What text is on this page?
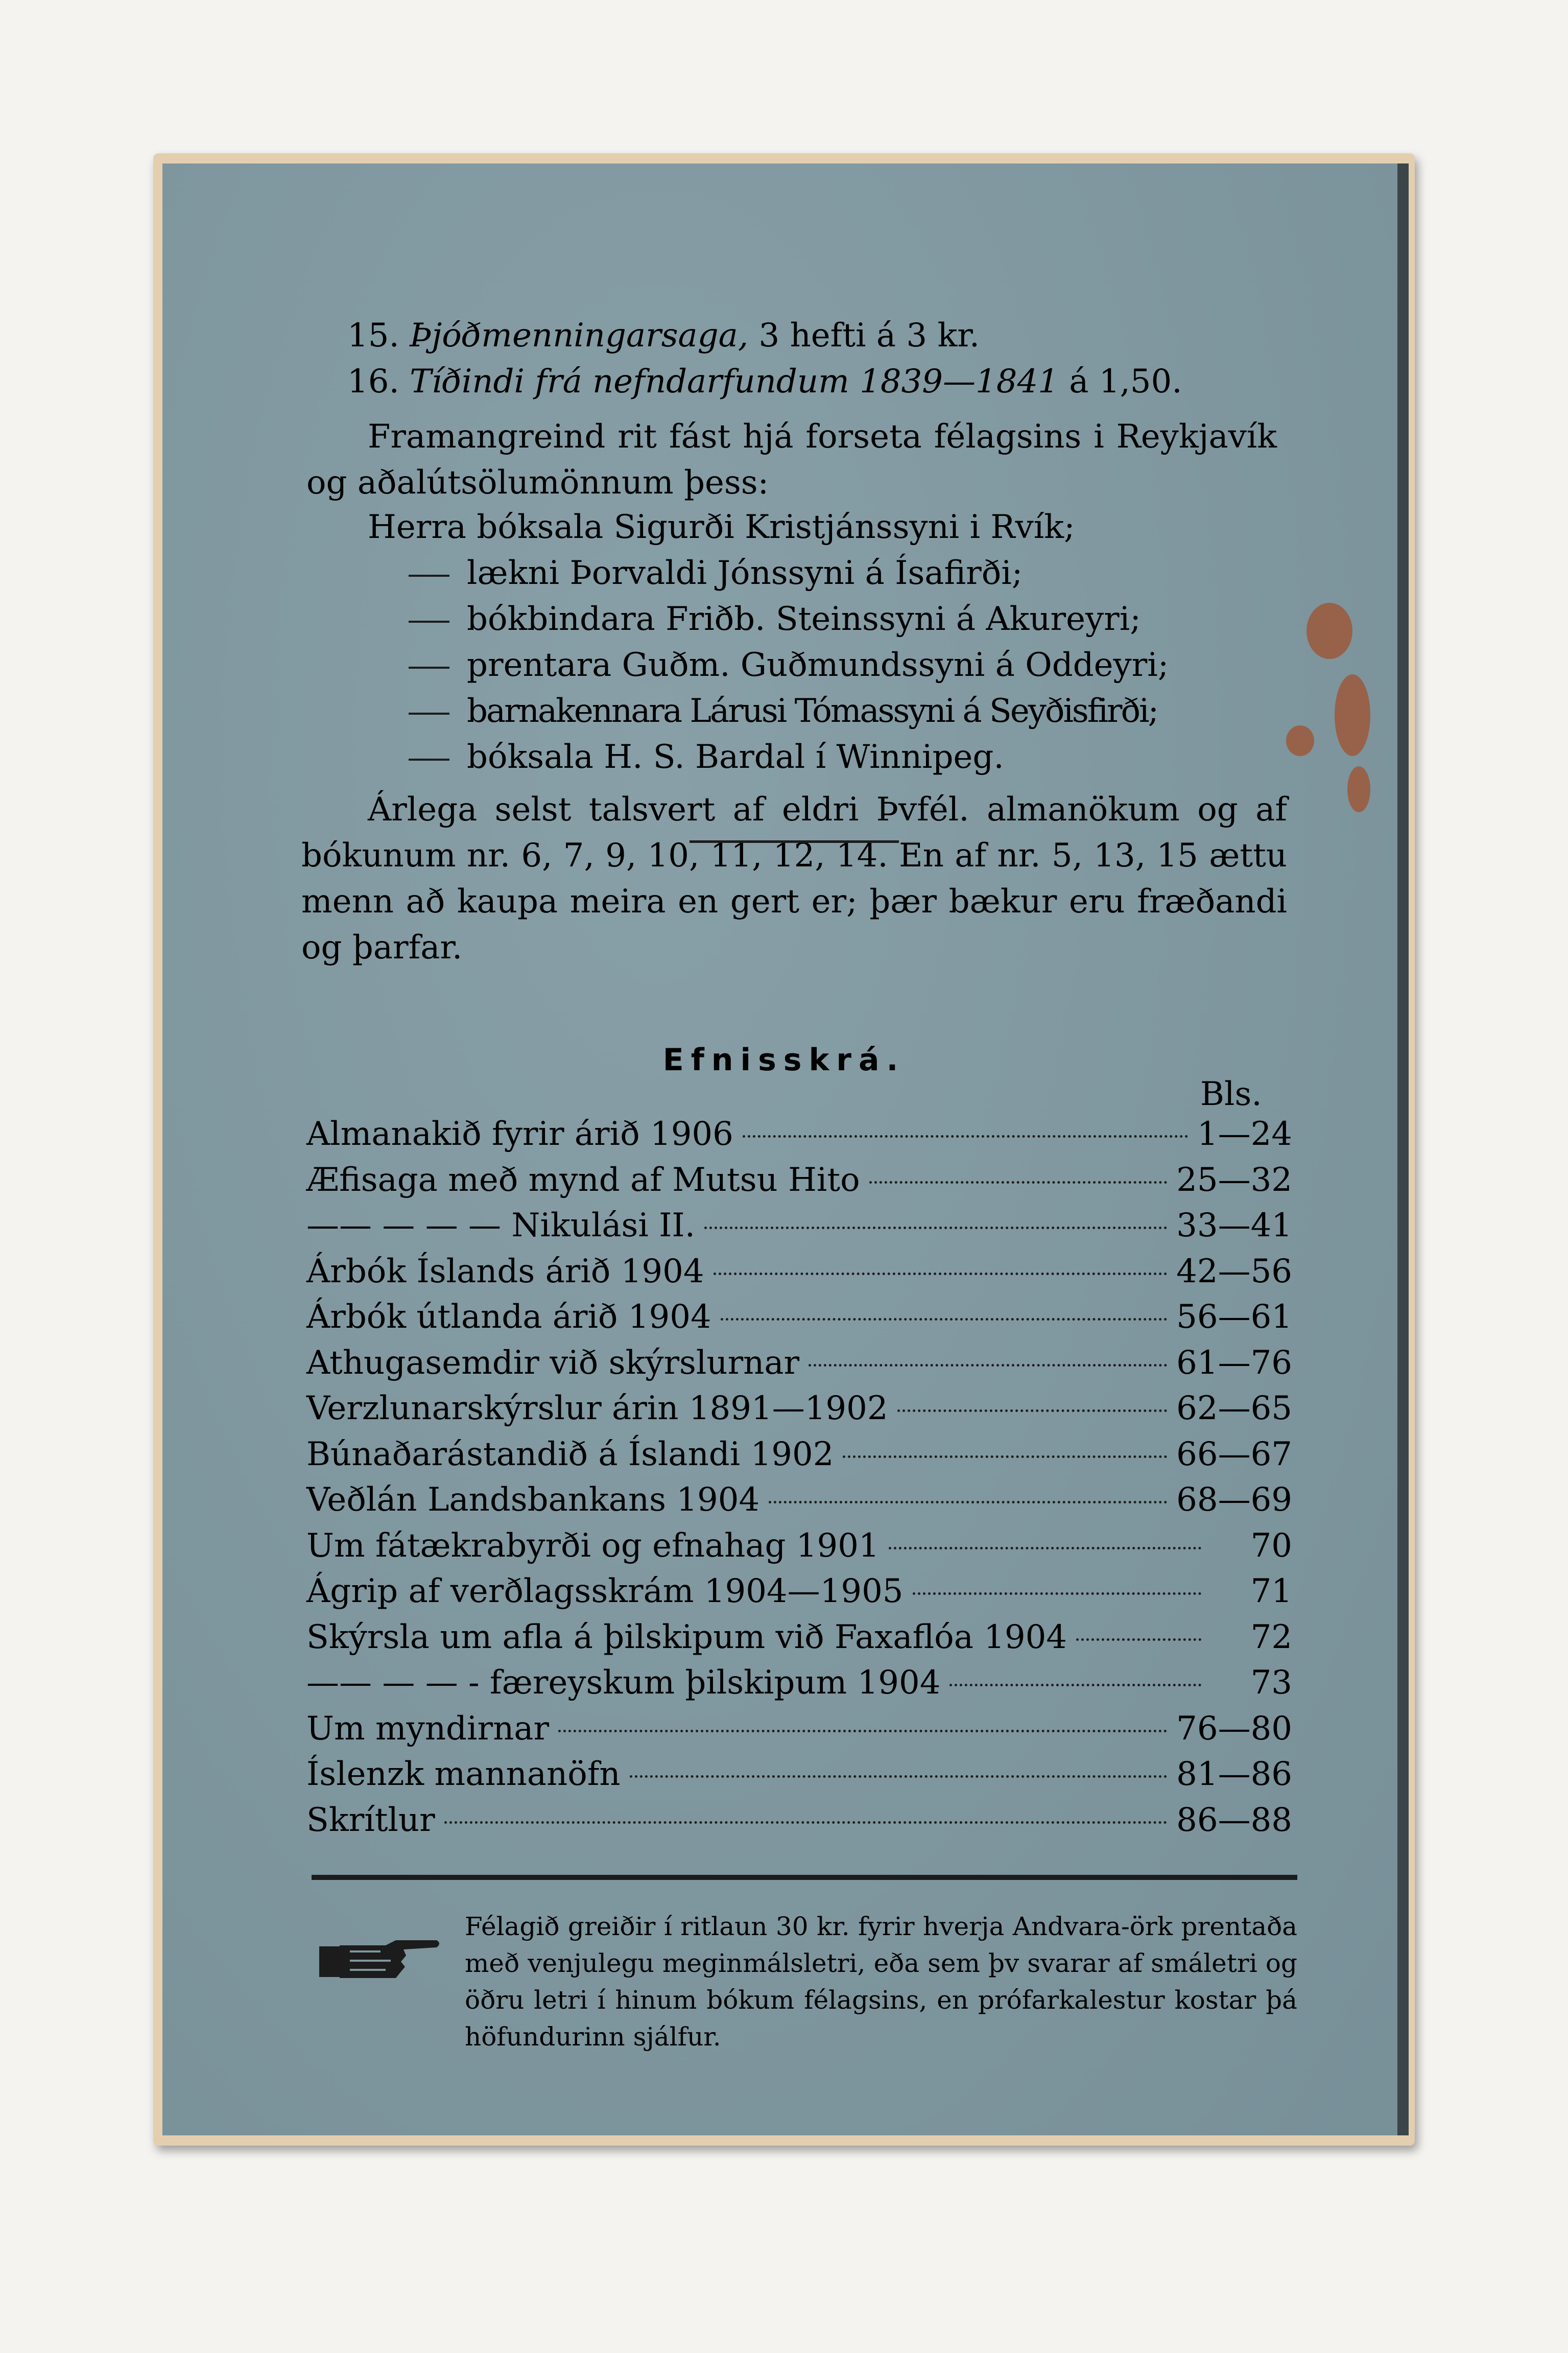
15. Þjóðmenningarsaga, 3 hefti á 3 kr.
16. Tíðindi frá nefndarfundum 1839—1841 á 1,50.
Framangreind rit fást hjá forseta félagsins i Reykjavík og aðalútsölumönnum þess:
Herra bóksala Sigurði Kristjánssyni i Rvík;
lækni Þorvaldi Jónssyni á Ísafirði;
bókbindara Friðb. Steinssyni á Akureyri;
prentara Guðm. Guðmundssyni á Oddeyri;
barnakennara Lárusi Tómassyni á Seyðisfirði;
bóksala H. S. Bardal í Winnipeg.
Árlega selst talsvert af eldri Þvfél. almanökum og af bókunum nr. 6, 7, 9, 10, 11, 12, 14. En af nr. 5, 13, 15 ættu menn að kaupa meira en gert er; þær bækur eru fræðandi og þarfar.
Efnisskrá.
Bls.
Almanakið fyrir árið 1906	1—24
Æfisaga með mynd af Mutsu Hito	25—32
—— — — — Nikulási II.	33—41
Árbók Íslands árið 1904	42—56
Árbók útlanda árið 1904	56—61
Athugasemdir við skýrslurnar	61—76
Verzlunarskýrslur árin 1891—1902	62—65
Búnaðarástandið á Íslandi 1902	66—67
Veðlán Landsbankans 1904	68—69
Um fátækrabyrði og efnahag 1901	70
Ágrip af verðlagsskrám 1904—1905	71
Skýrsla um afla á þilskipum við Faxaflóa 1904	72
—— — — - færeyskum þilskipum 1904	73
Um myndirnar	76—80
Íslenzk mannanöfn	81—86
Skrítlur	86—88
Félagið greiðir í ritlaun 30 kr. fyrir hverja Andvara-örk prentaða með venjulegu meginmálsletri, eða sem þv svarar af smáletri og öðru letri í hinum bókum félagsins, en prófarkalestur kostar þá höfundurinn sjálfur.
